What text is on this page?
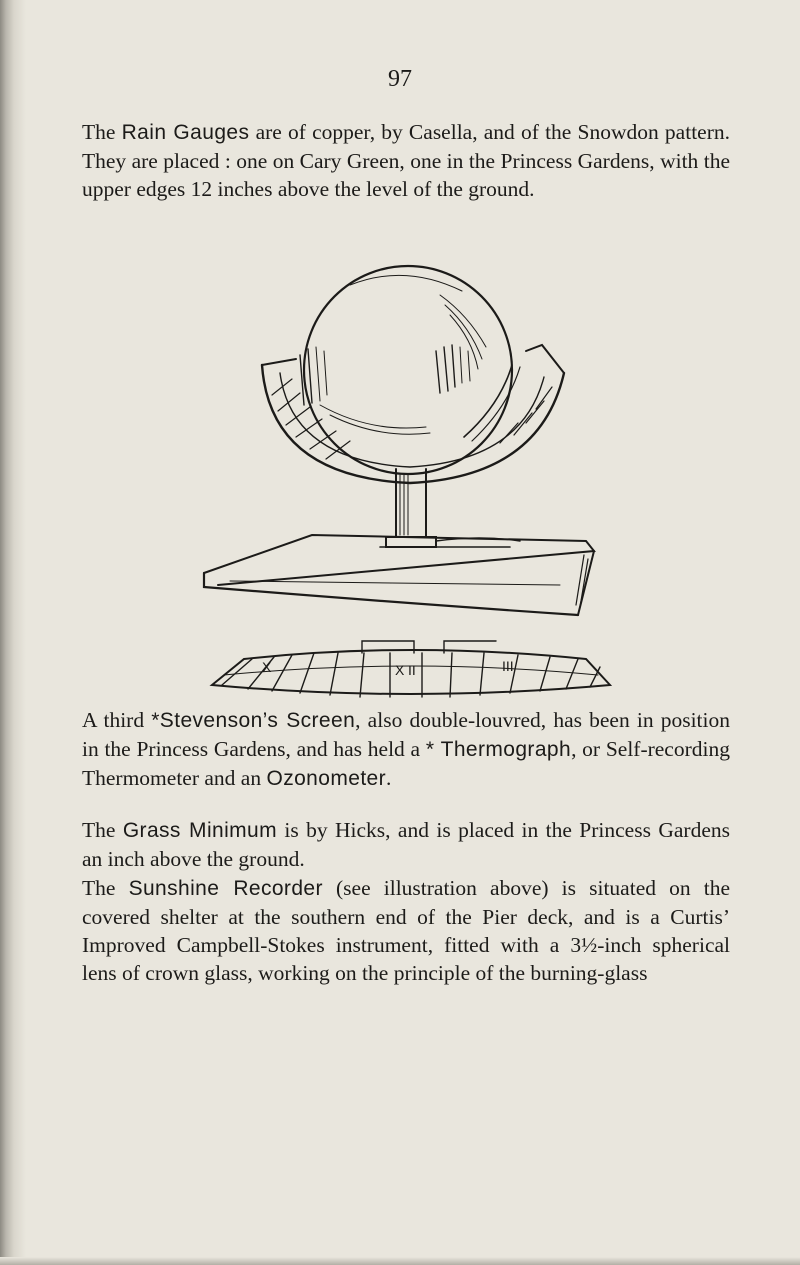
97

The Rain Gauges are of copper, by Casella, and of the Snowdon pattern. They are placed : one on Cary Green, one in the Princess Gardens, with the upper edges 12 inches above the level of the ground.

X	X II	III

A third *Stevenson’s Screen, also double-louvred, has been in position in the Princess Gardens, and has held a * Thermograph, or Self-recording Thermometer and an Ozonometer.

The Grass Minimum is by Hicks, and is placed in the Princess Gardens an inch above the ground.

The Sunshine Recorder (see illustration above) is situated on the covered shelter at the southern end of the Pier deck, and is a Curtis’ Improved Campbell-Stokes instrument, fitted with a 3½-inch spherical lens of crown glass, working on the principle of the burning-glass
